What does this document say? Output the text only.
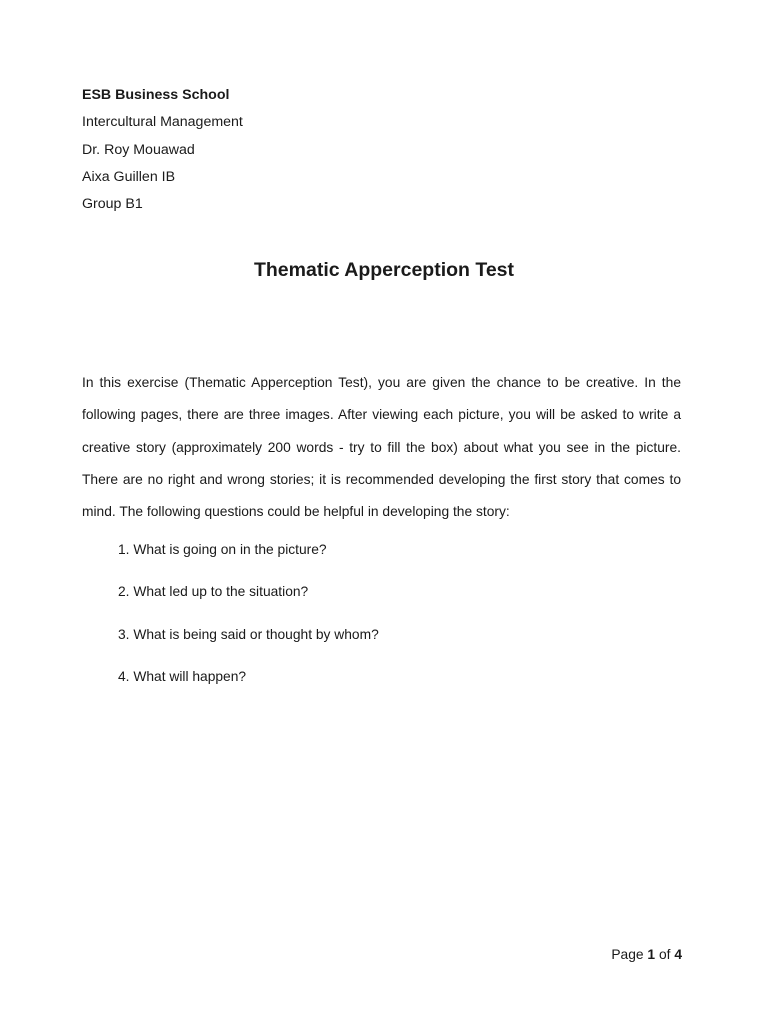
ESB Business School
Intercultural Management
Dr. Roy Mouawad
Aixa Guillen IB
Group B1
Thematic Apperception Test

In this exercise (Thematic Apperception Test), you are given the chance to be creative. In the following pages, there are three images. After viewing each picture, you will be asked to write a creative story (approximately 200 words - try to fill the box) about what you see in the picture. There are no right and wrong stories; it is recommended developing the first story that comes to mind. The following questions could be helpful in developing the story:

1. What is going on in the picture?
2. What led up to the situation?
3. What is being said or thought by whom?
4. What will happen?
Page 1 of 4
